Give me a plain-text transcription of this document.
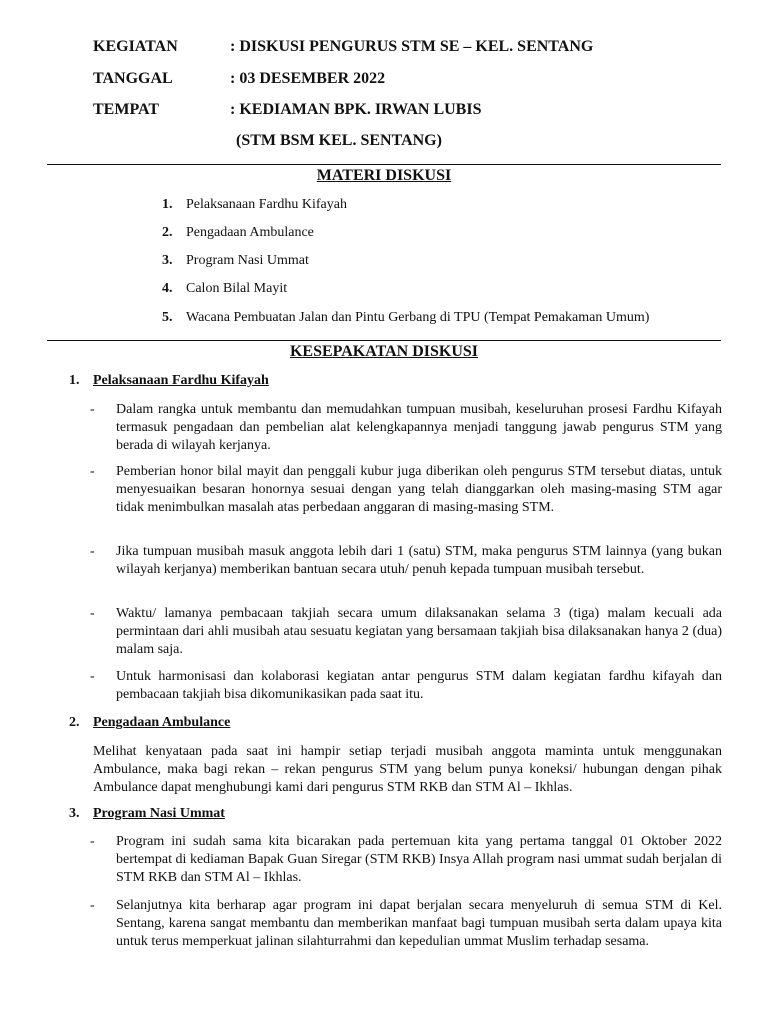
KEGIATAN	: DISKUSI PENGURUS STM SE – KEL. SENTANG
TANGGAL	: 03 DESEMBER 2022
TEMPAT	: KEDIAMAN BPK. IRWAN LUBIS
(STM BSM KEL. SENTANG)
MATERI DISKUSI
1. Pelaksanaan Fardhu Kifayah
2. Pengadaan Ambulance
3. Program Nasi Ummat
4. Calon Bilal Mayit
5. Wacana Pembuatan Jalan dan Pintu Gerbang di TPU (Tempat Pemakaman Umum)
KESEPAKATAN DISKUSI
1. Pelaksanaan Fardhu Kifayah
- Dalam rangka untuk membantu dan memudahkan tumpuan musibah, keseluruhan prosesi Fardhu Kifayah termasuk pengadaan dan pembelian alat kelengkapannya menjadi tanggung jawab pengurus STM yang berada di wilayah kerjanya.
- Pemberian honor bilal mayit dan penggali kubur juga diberikan oleh pengurus STM tersebut diatas, untuk menyesuaikan besaran honornya sesuai dengan yang telah dianggarkan oleh masing-masing STM agar tidak menimbulkan masalah atas perbedaan anggaran di masing-masing STM.
- Jika tumpuan musibah masuk anggota lebih dari 1 (satu) STM, maka pengurus STM lainnya (yang bukan wilayah kerjanya) memberikan bantuan secara utuh/ penuh kepada tumpuan musibah tersebut.
- Waktu/ lamanya pembacaan takjiah secara umum dilaksanakan selama 3 (tiga) malam kecuali ada permintaan dari ahli musibah atau sesuatu kegiatan yang bersamaan takjiah bisa dilaksanakan hanya 2 (dua) malam saja.
- Untuk harmonisasi dan kolaborasi kegiatan antar pengurus STM dalam kegiatan fardhu kifayah dan pembacaan takjiah bisa dikomunikasikan pada saat itu.
2. Pengadaan Ambulance
Melihat kenyataan pada saat ini hampir setiap terjadi musibah anggota maminta untuk menggunakan Ambulance, maka bagi rekan – rekan pengurus STM yang belum punya koneksi/ hubungan dengan pihak Ambulance dapat menghubungi kami dari pengurus STM RKB dan STM Al – Ikhlas.
3. Program Nasi Ummat
- Program ini sudah sama kita bicarakan pada pertemuan kita yang pertama tanggal 01 Oktober 2022 bertempat di kediaman Bapak Guan Siregar (STM RKB) Insya Allah program nasi ummat sudah berjalan di STM RKB dan STM Al – Ikhlas.
- Selanjutnya kita berharap agar program ini dapat berjalan secara menyeluruh di semua STM di Kel. Sentang, karena sangat membantu dan memberikan manfaat bagi tumpuan musibah serta dalam upaya kita untuk terus memperkuat jalinan silahturrahmi dan kepedulian ummat Muslim terhadap sesama.
